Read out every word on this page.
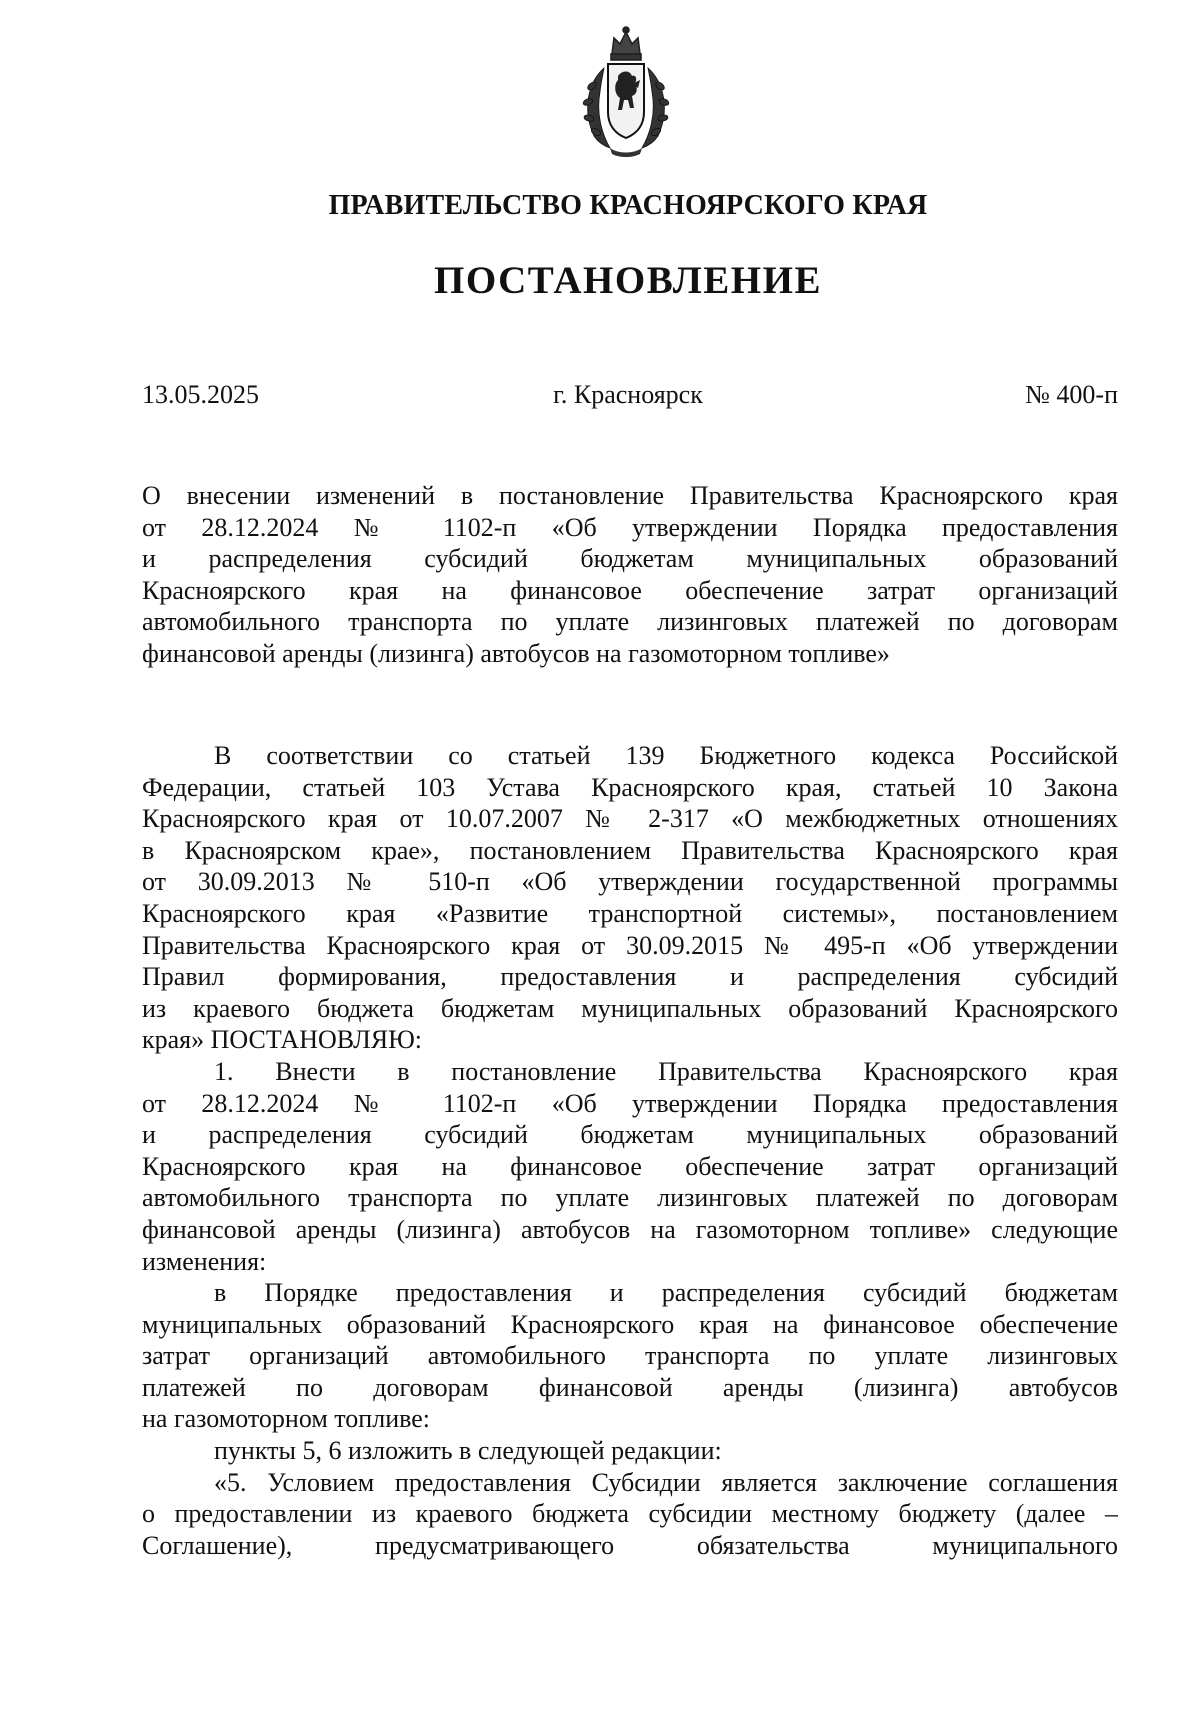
ПРАВИТЕЛЬСТВО КРАСНОЯРСКОГО КРАЯ
ПОСТАНОВЛЕНИЕ
13.05.2025	г. Красноярск	№ 400-п
О внесении изменений в постановление Правительства Красноярского края
от 28.12.2024 № 1102-п «Об утверждении Порядка предоставления
и распределения субсидий бюджетам муниципальных образований
Красноярского края на финансовое обеспечение затрат организаций
автомобильного транспорта по уплате лизинговых платежей по договорам
финансовой аренды (лизинга) автобусов на газомоторном топливе»
В соответствии со статьей 139 Бюджетного кодекса Российской
Федерации, статьей 103 Устава Красноярского края, статьей 10 Закона
Красноярского края от 10.07.2007 № 2-317 «О межбюджетных отношениях
в Красноярском крае», постановлением Правительства Красноярского края
от 30.09.2013 № 510-п «Об утверждении государственной программы
Красноярского края «Развитие транспортной системы», постановлением
Правительства Красноярского края от 30.09.2015 № 495-п «Об утверждении
Правил формирования, предоставления и распределения субсидий
из краевого бюджета бюджетам муниципальных образований Красноярского
края» ПОСТАНОВЛЯЮ:
1. Внести в постановление Правительства Красноярского края
от 28.12.2024 № 1102-п «Об утверждении Порядка предоставления
и распределения субсидий бюджетам муниципальных образований
Красноярского края на финансовое обеспечение затрат организаций
автомобильного транспорта по уплате лизинговых платежей по договорам
финансовой аренды (лизинга) автобусов на газомоторном топливе» следующие
изменения:
в Порядке предоставления и распределения субсидий бюджетам
муниципальных образований Красноярского края на финансовое обеспечение
затрат организаций автомобильного транспорта по уплате лизинговых
платежей по договорам финансовой аренды (лизинга) автобусов
на газомоторном топливе:
пункты 5, 6 изложить в следующей редакции:
«5. Условием предоставления Субсидии является заключение соглашения
о предоставлении из краевого бюджета субсидии местному бюджету (далее –
Соглашение), предусматривающего обязательства муниципального
